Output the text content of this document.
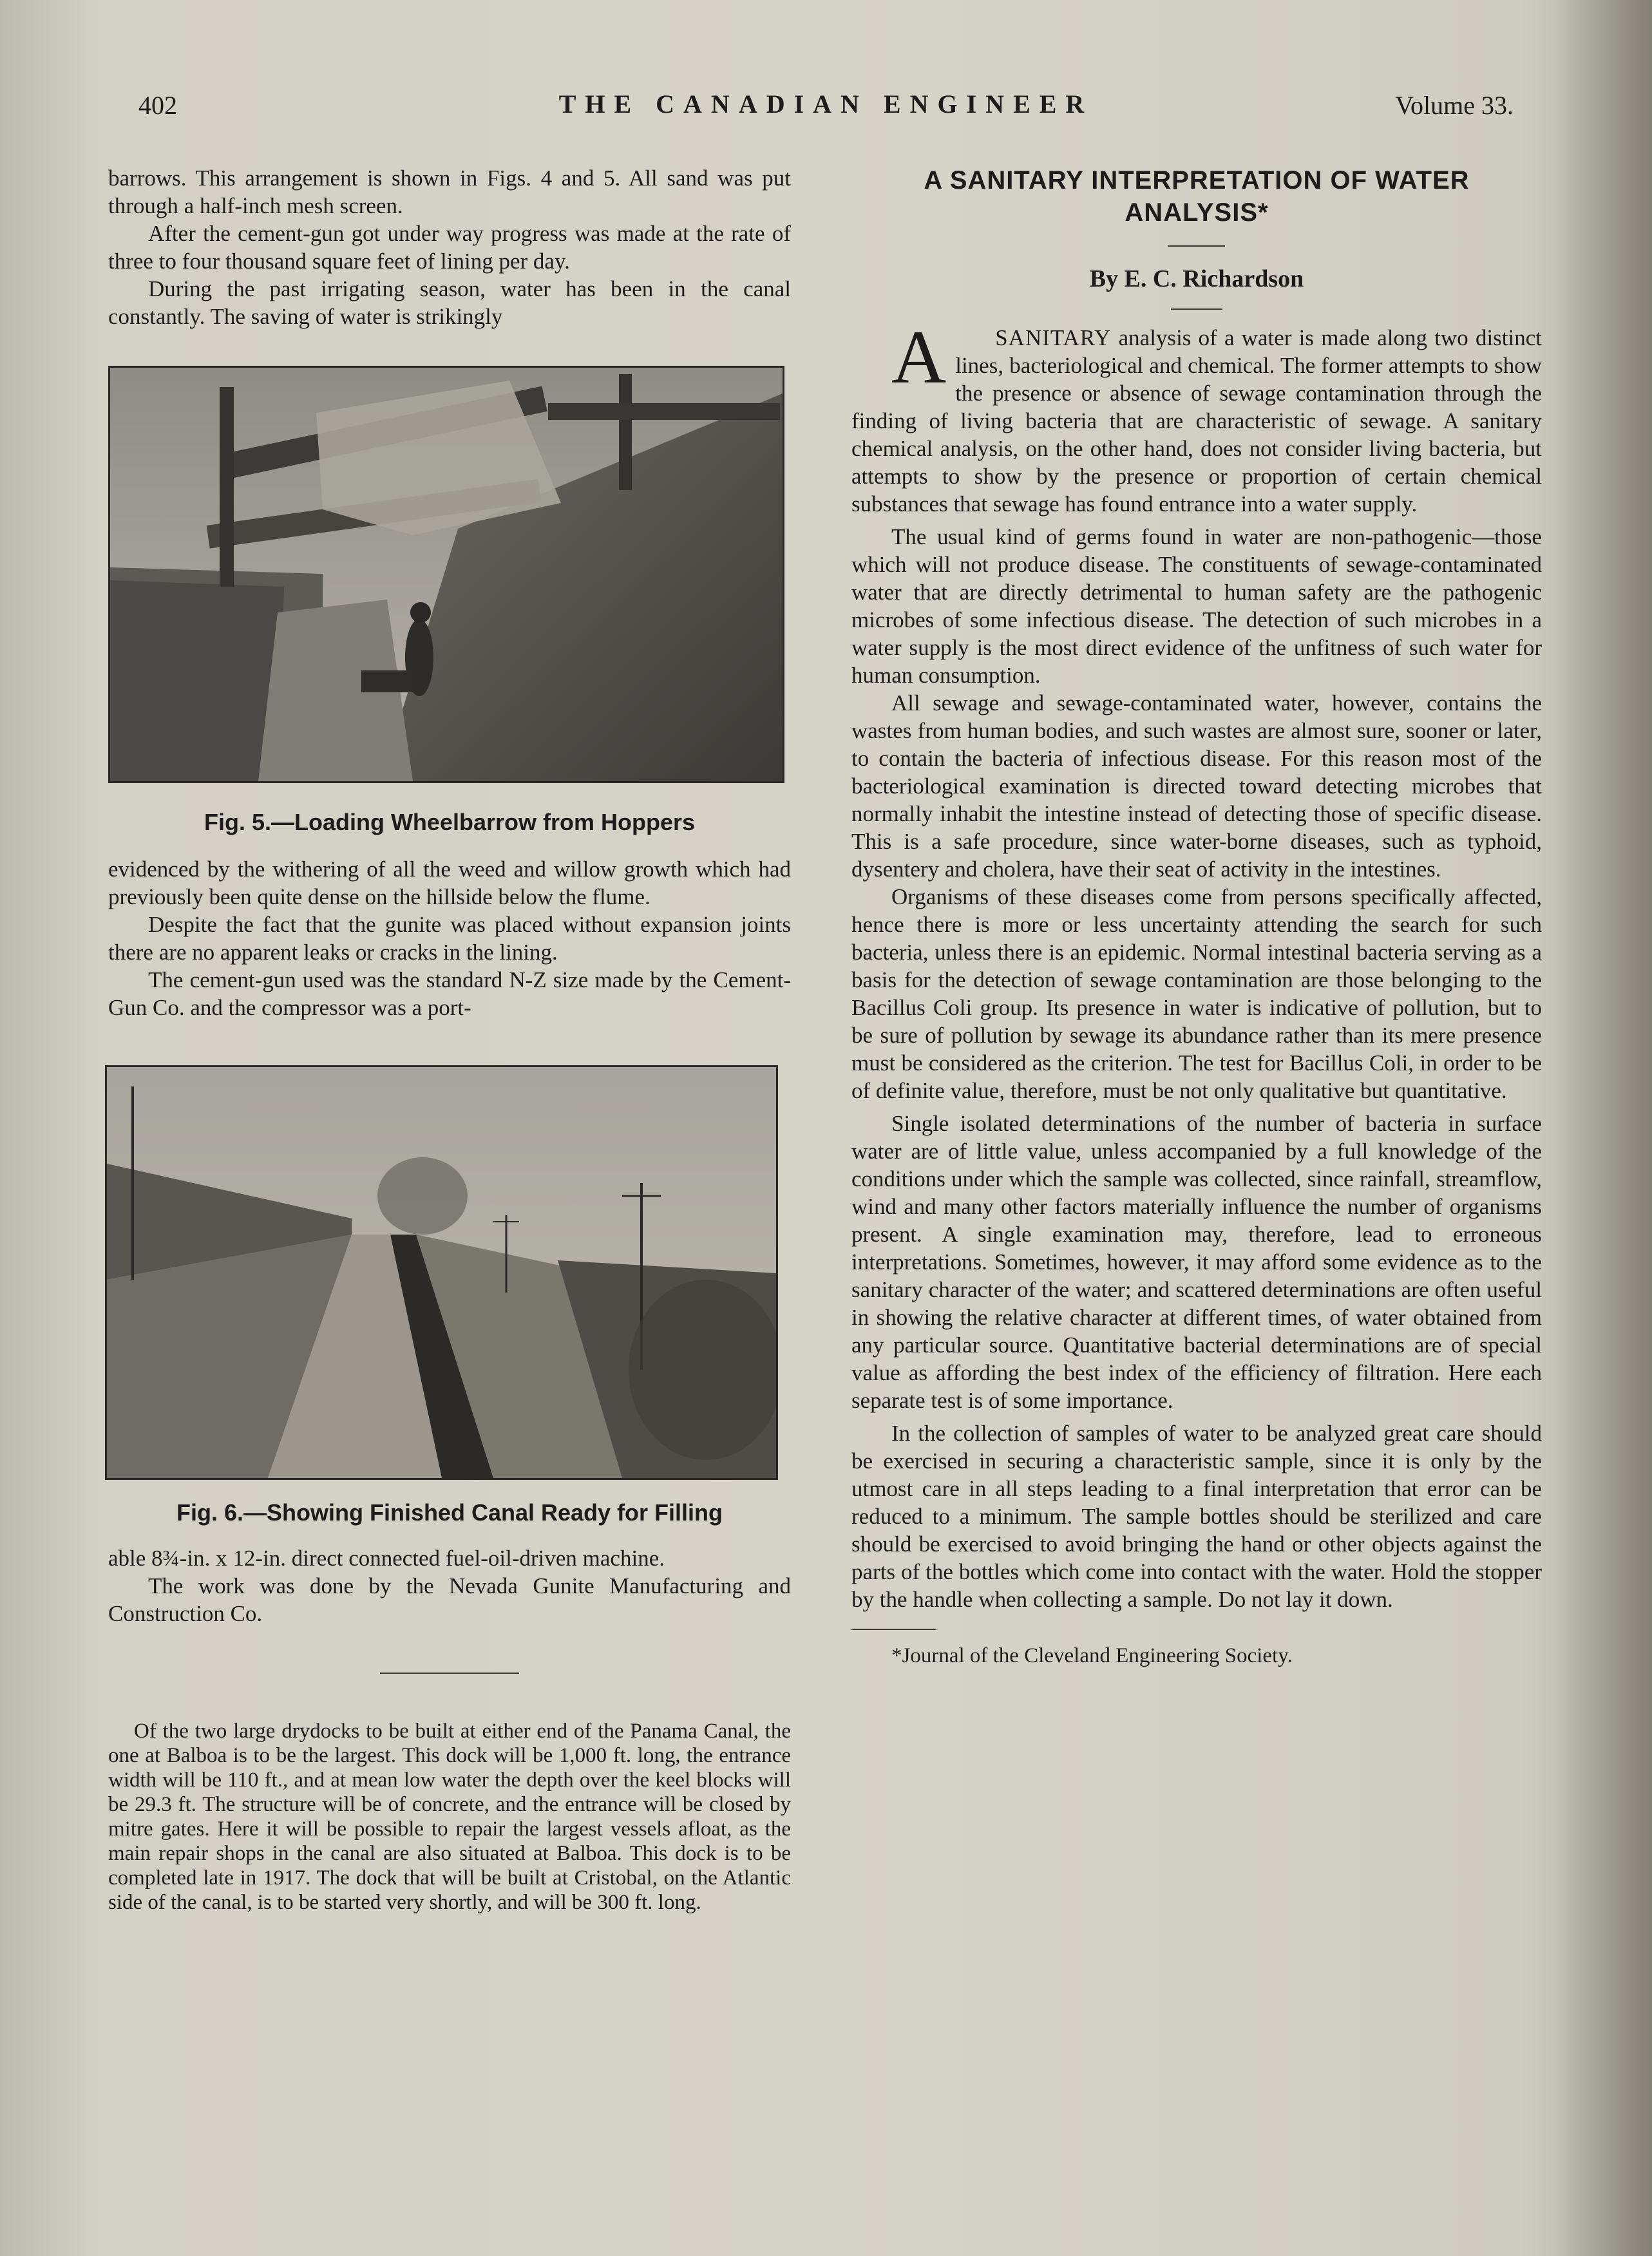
402	THE CANADIAN ENGINEER	Volume 33.

barrows. This arrangement is shown in Figs. 4 and 5. All sand was put through a half-inch mesh screen.

After the cement-gun got under way progress was made at the rate of three to four thousand square feet of lining per day.

During the past irrigating season, water has been in the canal constantly. The saving of water is strikingly

Fig. 5.—Loading Wheelbarrow from Hoppers

evidenced by the withering of all the weed and willow growth which had previously been quite dense on the hillside below the flume.

Despite the fact that the gunite was placed without expansion joints there are no apparent leaks or cracks in the lining.

The cement-gun used was the standard N-Z size made by the Cement-Gun Co. and the compressor was a port-

Fig. 6.—Showing Finished Canal Ready for Filling

able 8¾-in. x 12-in. direct connected fuel-oil-driven machine.

The work was done by the Nevada Gunite Manufacturing and Construction Co.

Of the two large drydocks to be built at either end of the Panama Canal, the one at Balboa is to be the largest. This dock will be 1,000 ft. long, the entrance width will be 110 ft., and at mean low water the depth over the keel blocks will be 29.3 ft. The structure will be of concrete, and the entrance will be closed by mitre gates. Here it will be possible to repair the largest vessels afloat, as the main repair shops in the canal are also situated at Balboa. This dock is to be completed late in 1917. The dock that will be built at Cristobal, on the Atlantic side of the canal, is to be started very shortly, and will be 300 ft. long.

A SANITARY INTERPRETATION OF WATER

ANALYSIS*

By E. C. Richardson

A SANITARY analysis of a water is made along two distinct lines, bacteriological and chemical. The former attempts to show the presence or absence of sewage contamination through the finding of living bacteria that are characteristic of sewage. A sanitary chemical analysis, on the other hand, does not consider living bacteria, but attempts to show by the presence or proportion of certain chemical substances that sewage has found entrance into a water supply.

The usual kind of germs found in water are non-pathogenic—those which will not produce disease. The constituents of sewage-contaminated water that are directly detrimental to human safety are the pathogenic microbes of some infectious disease. The detection of such microbes in a water supply is the most direct evidence of the unfitness of such water for human consumption.

All sewage and sewage-contaminated water, however, contains the wastes from human bodies, and such wastes are almost sure, sooner or later, to contain the bacteria of infectious disease. For this reason most of the bacteriological examination is directed toward detecting microbes that normally inhabit the intestine instead of detecting those of specific disease. This is a safe procedure, since water-borne diseases, such as typhoid, dysentery and cholera, have their seat of activity in the intestines.

Organisms of these diseases come from persons specifically affected, hence there is more or less uncertainty attending the search for such bacteria, unless there is an epidemic. Normal intestinal bacteria serving as a basis for the detection of sewage contamination are those belonging to the Bacillus Coli group. Its presence in water is indicative of pollution, but to be sure of pollution by sewage its abundance rather than its mere presence must be considered as the criterion. The test for Bacillus Coli, in order to be of definite value, therefore, must be not only qualitative but quantitative.

Single isolated determinations of the number of bacteria in surface water are of little value, unless accompanied by a full knowledge of the conditions under which the sample was collected, since rainfall, streamflow, wind and many other factors materially influence the number of organisms present. A single examination may, therefore, lead to erroneous interpretations. Sometimes, however, it may afford some evidence as to the sanitary character of the water; and scattered determinations are often useful in showing the relative character at different times, of water obtained from any particular source. Quantitative bacterial determinations are of special value as affording the best index of the efficiency of filtration. Here each separate test is of some importance.

In the collection of samples of water to be analyzed great care should be exercised in securing a characteristic sample, since it is only by the utmost care in all steps leading to a final interpretation that error can be reduced to a minimum. The sample bottles should be sterilized and care should be exercised to avoid bringing the hand or other objects against the parts of the bottles which come into contact with the water. Hold the stopper by the handle when collecting a sample. Do not lay it down.

*Journal of the Cleveland Engineering Society.
